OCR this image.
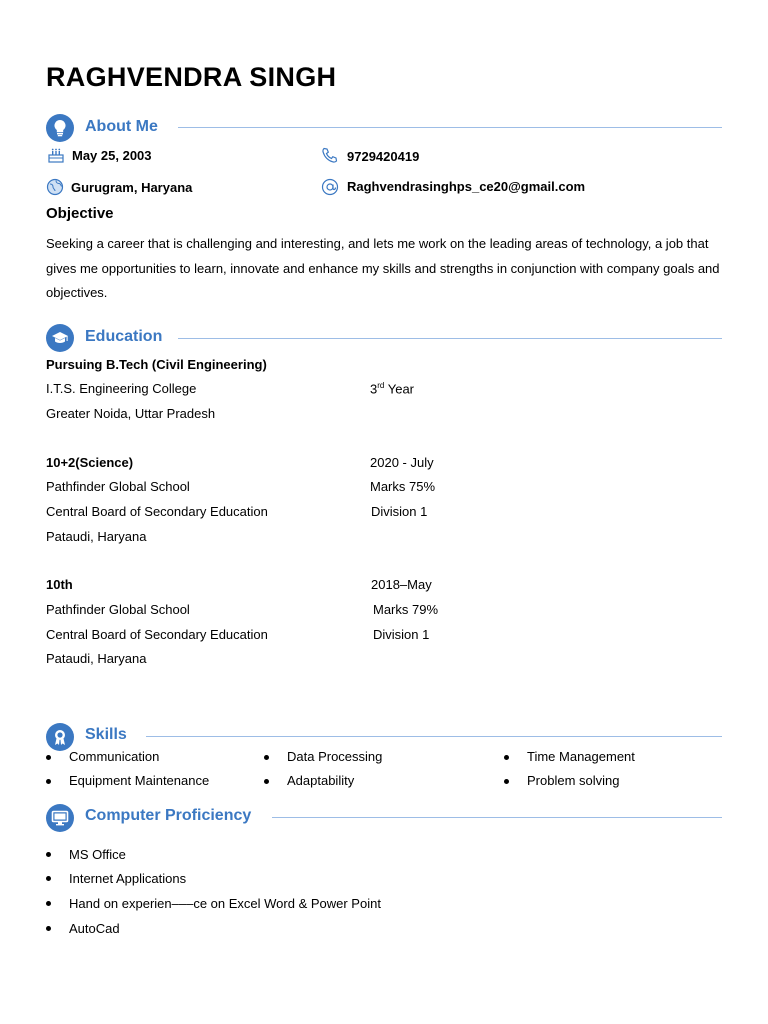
RAGHVENDRA SINGH
About Me
May 25, 2003	9729420419
Gurugram, Haryana	Raghvendrasinghps_ce20@gmail.com
Objective
Seeking a career that is challenging and interesting, and lets me work on the leading areas of technology, a job that gives me opportunities to learn, innovate and enhance my skills and strengths in conjunction with company goals and objectives.
Education
Pursuing B.Tech (Civil Engineering)
I.T.S. Engineering College	3rd Year
Greater Noida, Uttar Pradesh
10+2(Science)	2020 - July
Pathfinder Global School	Marks 75%
Central Board of Secondary Education	Division 1
Pataudi, Haryana
10th	2018–May
Pathfinder Global School	Marks 79%
Central Board of Secondary Education	Division 1
Pataudi, Haryana
Skills
Communication	Data Processing	Time Management
Equipment Maintenance	Adaptability	Problem solving
Computer Proficiency
MS Office
Internet Applications
Hand on experien–––ce on Excel Word & Power Point
AutoCad
